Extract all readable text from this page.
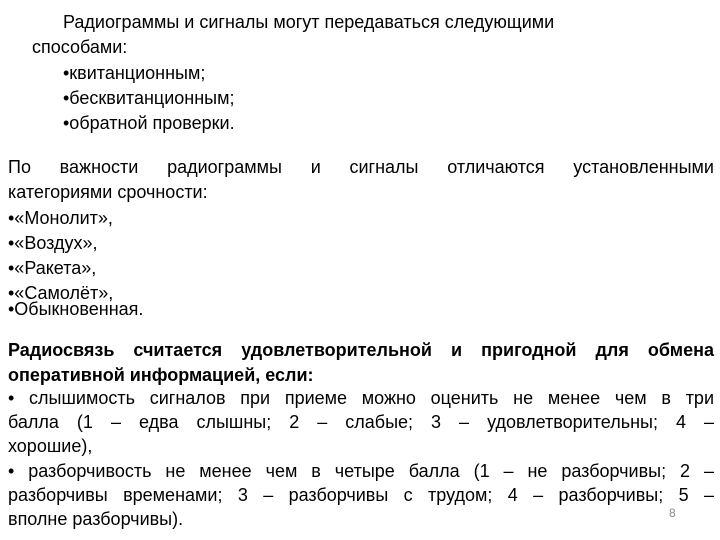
Радиограммы и сигналы могут передаваться следующими
способами:
•квитанционным;
•бесквитанционным;
•обратной проверки.
По важности радиограммы и сигналы отличаются установленными
категориями срочности:
•«Монолит»,
•«Воздух»,
•«Ракета»,
•«Самолёт»,
•Обыкновенная.
Радиосвязь считается удовлетворительной и пригодной для обмена
оперативной информацией, если:
• слышимость сигналов при приеме можно оценить не менее чем в три
балла (1 – едва слышны; 2 – слабые; 3 – удовлетворительны; 4 –
хорошие),
• разборчивость не менее чем в четыре балла (1 – не разборчивы; 2 –
разборчивы временами; 3 – разборчивы с трудом; 4 – разборчивы; 5 –
вполне разборчивы).	8
